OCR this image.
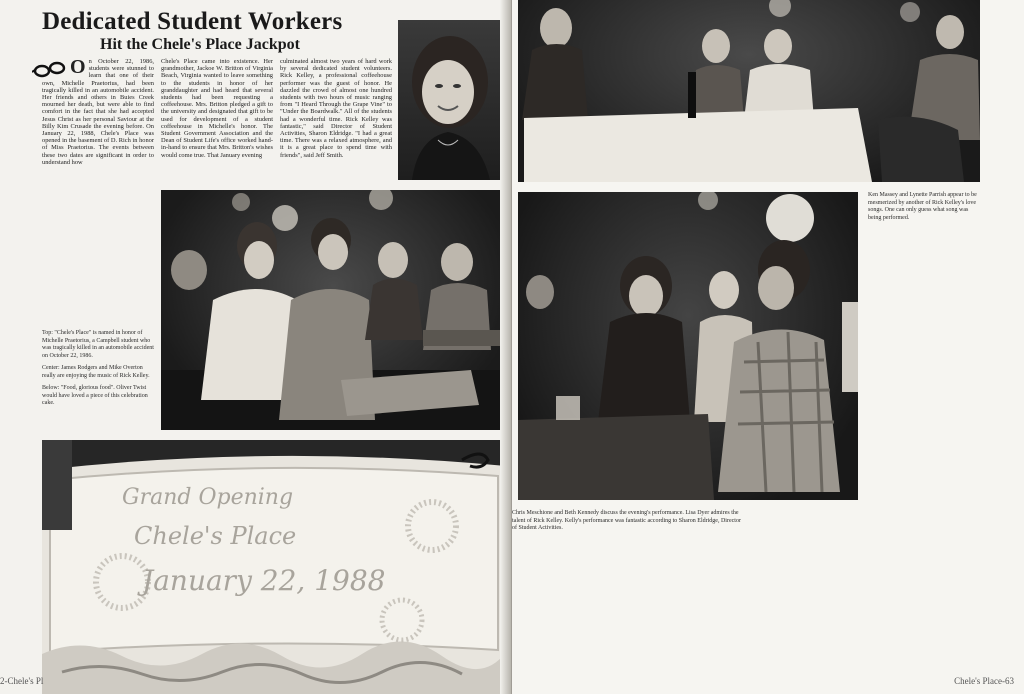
Dedicated Student Workers
Hit the Chele's Place Jackpot
On October 22, 1986, students were stunned to learn that one of their own, Michelle Praetorius, had been tragically killed in an automobile accident. Her friends and others in Buies Creek mourned her death, but were able to find comfort in the fact that she had accepted Jesus Christ as her personal Saviour at the Billy Kim Crusade the evening before. On January 22, 1988, Chele's Place was opened in the basement of D. Rich in honor of Miss Praetorius. The events between these two dates are significant in order to understand how
Chele's Place came into existence. Her grandmother, Jackoe W. Britton of Virginia Beach, Virginia wanted to leave something to the students in honor of her granddaughter and had heard that several students had been requesting a coffeehouse. Mrs. Britton pledged a gift to the university and designated that gift to be used for development of a student coffeehouse in Michelle's honor. The Student Government Association and the Dean of Student Life's office worked hand-in-hand to ensure that Mrs. Britton's wishes would come true. That January evening
culminated almost two years of hard work by several dedicated student volunteers. Rick Kelley, a professional coffeehouse performer was the guest of honor. He dazzled the crowd of almost one hundred students with two hours of music ranging from "I Heard Through the Grape Vine" to "Under the Boardwalk." All of the students had a wonderful time. Rick Kelley was fantastic," said Director of Student Activities, Sharon Eldridge. "I had a great time. There was a relaxed atmosphere, and it is a great place to spend time with friends", said Jeff Smith.

Top: "Chele's Place" is named in honor of Michelle Praetorius, a Campbell student who was tragically killed in an automobile accident on October 22, 1986.

Center: James Rodgers and Mike Overton really are enjoying the music of Rick Kelley.

Below: "Food, glorious food". Oliver Twist would have loved a piece of this celebration cake.

Grand Opening
Chele's Place
January 22, 1988
2-Chele's Pl
Ken Massey and Lynette Parrish appear to be mesmerized by another of Rick Kelley's love songs. One can only guess what song was being performed.
Chris Meschione and Beth Kennedy discuss the evening's performance. Lisa Dyer admires the talent of Rick Kelley. Kelly's performance was fantastic according to Sharon Eldridge, Director of Student Activities.
Chele's Place-63
